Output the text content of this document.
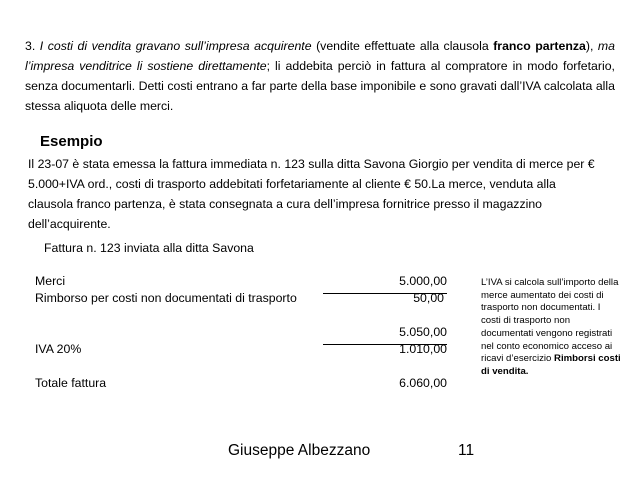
3. I costi di vendita gravano sull’impresa acquirente (vendite effettuate alla clausola franco partenza), ma l’impresa venditrice li sostiene direttamente; li addebita perciò in fattura al compratore in modo forfetario, senza documentarli. Detti costi entrano a far parte della base imponibile e sono gravati dall’IVA calcolata alla stessa aliquota delle merci.
Esempio
Il 23-07 è stata emessa la fattura immediata n. 123 sulla ditta Savona Giorgio per vendita di merce per €
5.000+IVA ord., costi di trasporto addebitati forfetariamente al cliente € 50.La merce, venduta alla
clausola franco partenza, è stata consegnata a cura dell’impresa fornitrice presso il magazzino
dell’acquirente.
Fattura n. 123 inviata alla ditta Savona
Merci	5.000,00
Rimborso per costi non documentati di trasporto	50,00
5.050,00
IVA 20%	1.010,00
Totale fattura	6.060,00
L’IVA si calcola sull’importo della merce aumentato dei costi di trasporto non documentati. I costi di trasporto non documentati vengono registrati nel conto economico acceso ai ricavi d’esercizio Rimborsi costi di vendita.
Giuseppe Albezzano	11
